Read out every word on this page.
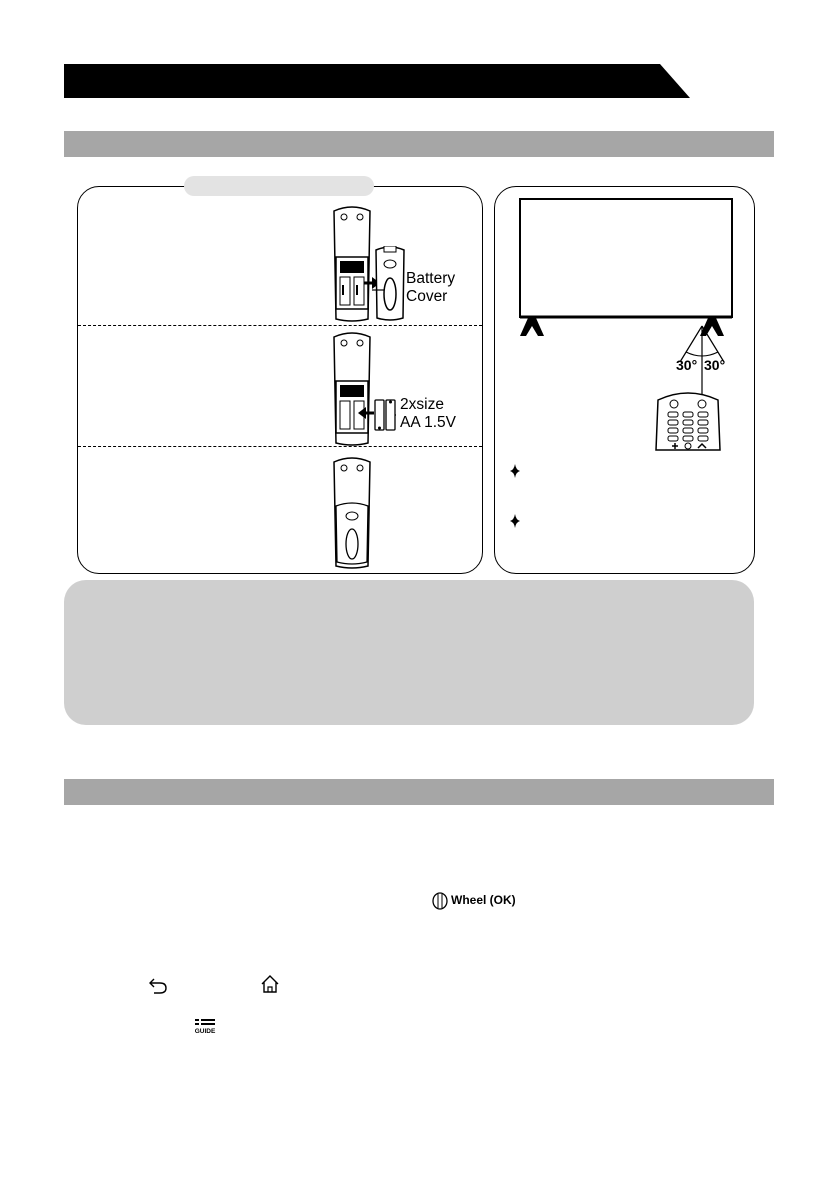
Battery
Cover
2xsize
AA 1.5V
30° 30°
Wheel (OK)
GUIDE
